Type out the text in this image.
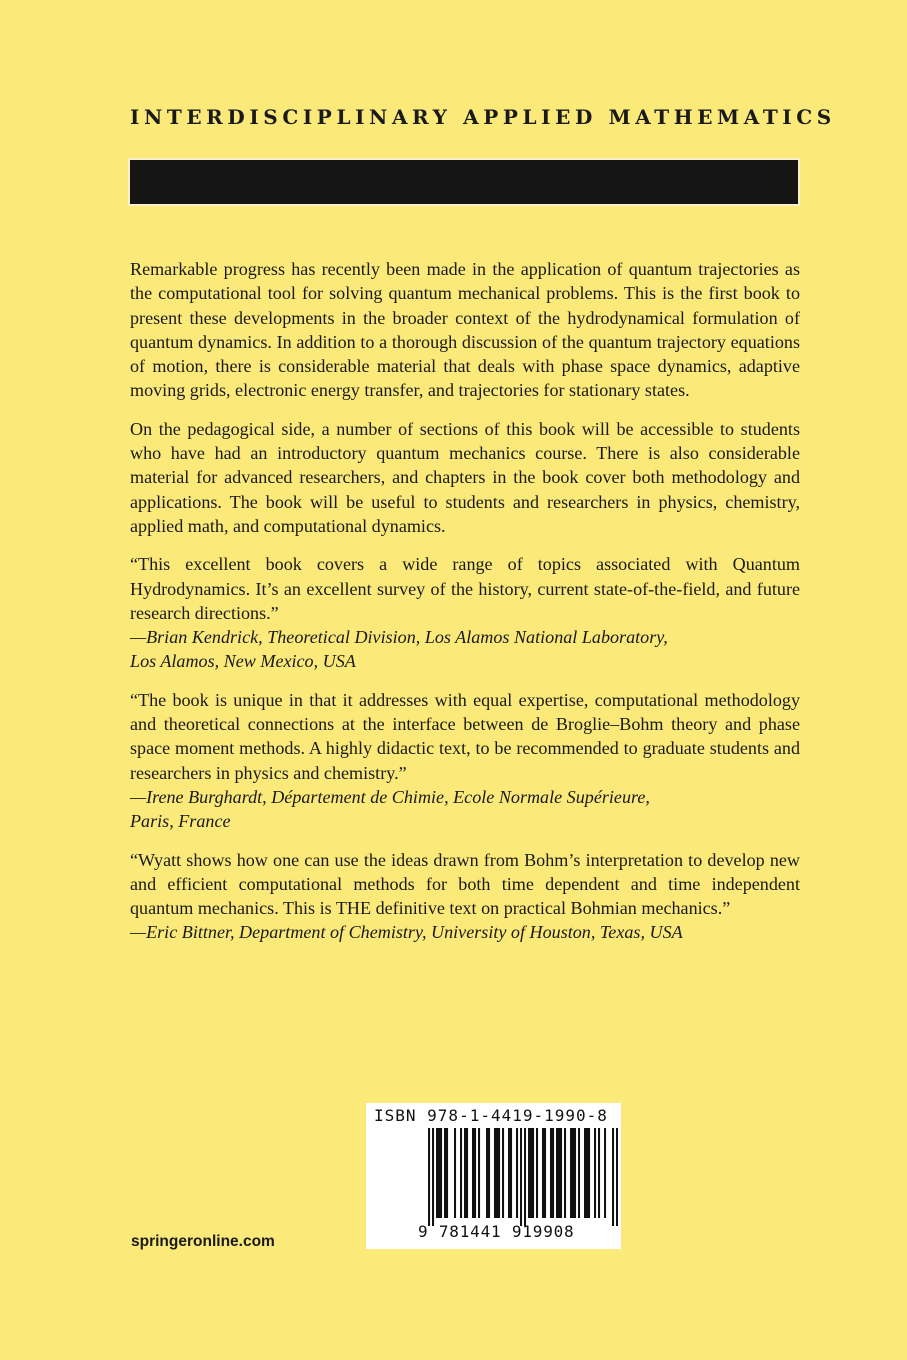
INTERDISCIPLINARY APPLIED MATHEMATICS

Remarkable progress has recently been made in the application of quantum trajectories as the computational tool for solving quantum mechanical problems. This is the first book to present these developments in the broader context of the hydrodynamical formulation of quantum dynamics. In addition to a thorough discussion of the quantum trajectory equations of motion, there is considerable material that deals with phase space dynamics, adaptive moving grids, electronic energy transfer, and trajectories for stationary states.

On the pedagogical side, a number of sections of this book will be accessible to students who have had an introductory quantum mechanics course. There is also considerable material for advanced researchers, and chapters in the book cover both methodology and applications. The book will be useful to students and researchers in physics, chemistry, applied math, and computational dynamics.

“This excellent book covers a wide range of topics associated with Quantum Hydrodynamics. It’s an excellent survey of the history, current state-of-the-field, and future research directions.”

—Brian Kendrick, Theoretical Division, Los Alamos National Laboratory,
Los Alamos, New Mexico, USA

“The book is unique in that it addresses with equal expertise, computational methodology and theoretical connections at the interface between de Broglie–Bohm theory and phase space moment methods. A highly didactic text, to be recommended to graduate students and researchers in physics and chemistry.”

—Irene Burghardt, Département de Chimie, Ecole Normale Supérieure,
Paris, France

“Wyatt shows how one can use the ideas drawn from Bohm’s interpretation to develop new and efficient computational methods for both time dependent and time independent quantum mechanics. This is THE definitive text on practical Bohmian mechanics.”

—Eric Bittner, Department of Chemistry, University of Houston, Texas, USA

ISBN 978-1-4419-1990-8
9 781441 919908
springeronline.com
